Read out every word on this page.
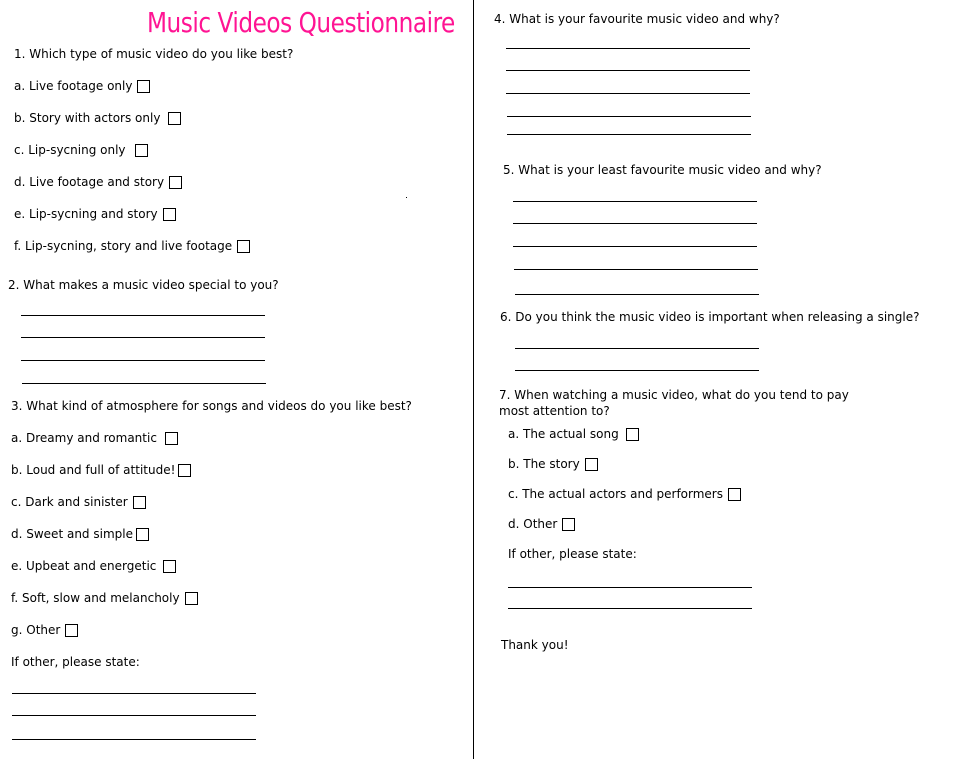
Music Videos Questionnaire
1. Which type of music video do you like best?
a. Live footage only
b. Story with actors only
c. Lip-sycning only
d. Live footage and story
e. Lip-sycning and story
f. Lip-sycning, story and live footage
2. What makes a music video special to you?
3. What kind of atmosphere for songs and videos do you like best?
a. Dreamy and romantic
b. Loud and full of attitude!
c. Dark and sinister
d. Sweet and simple
e. Upbeat and energetic
f. Soft, slow and melancholy
g. Other
If other, please state:
4. What is your favourite music video and why?
5. What is your least favourite music video and why?
6. Do you think the music video is important when releasing a single?
7. When watching a music video, what do you tend to pay most attention to?
a. The actual song
b. The story
c. The actual actors and performers
d. Other
If other, please state:
Thank you!
